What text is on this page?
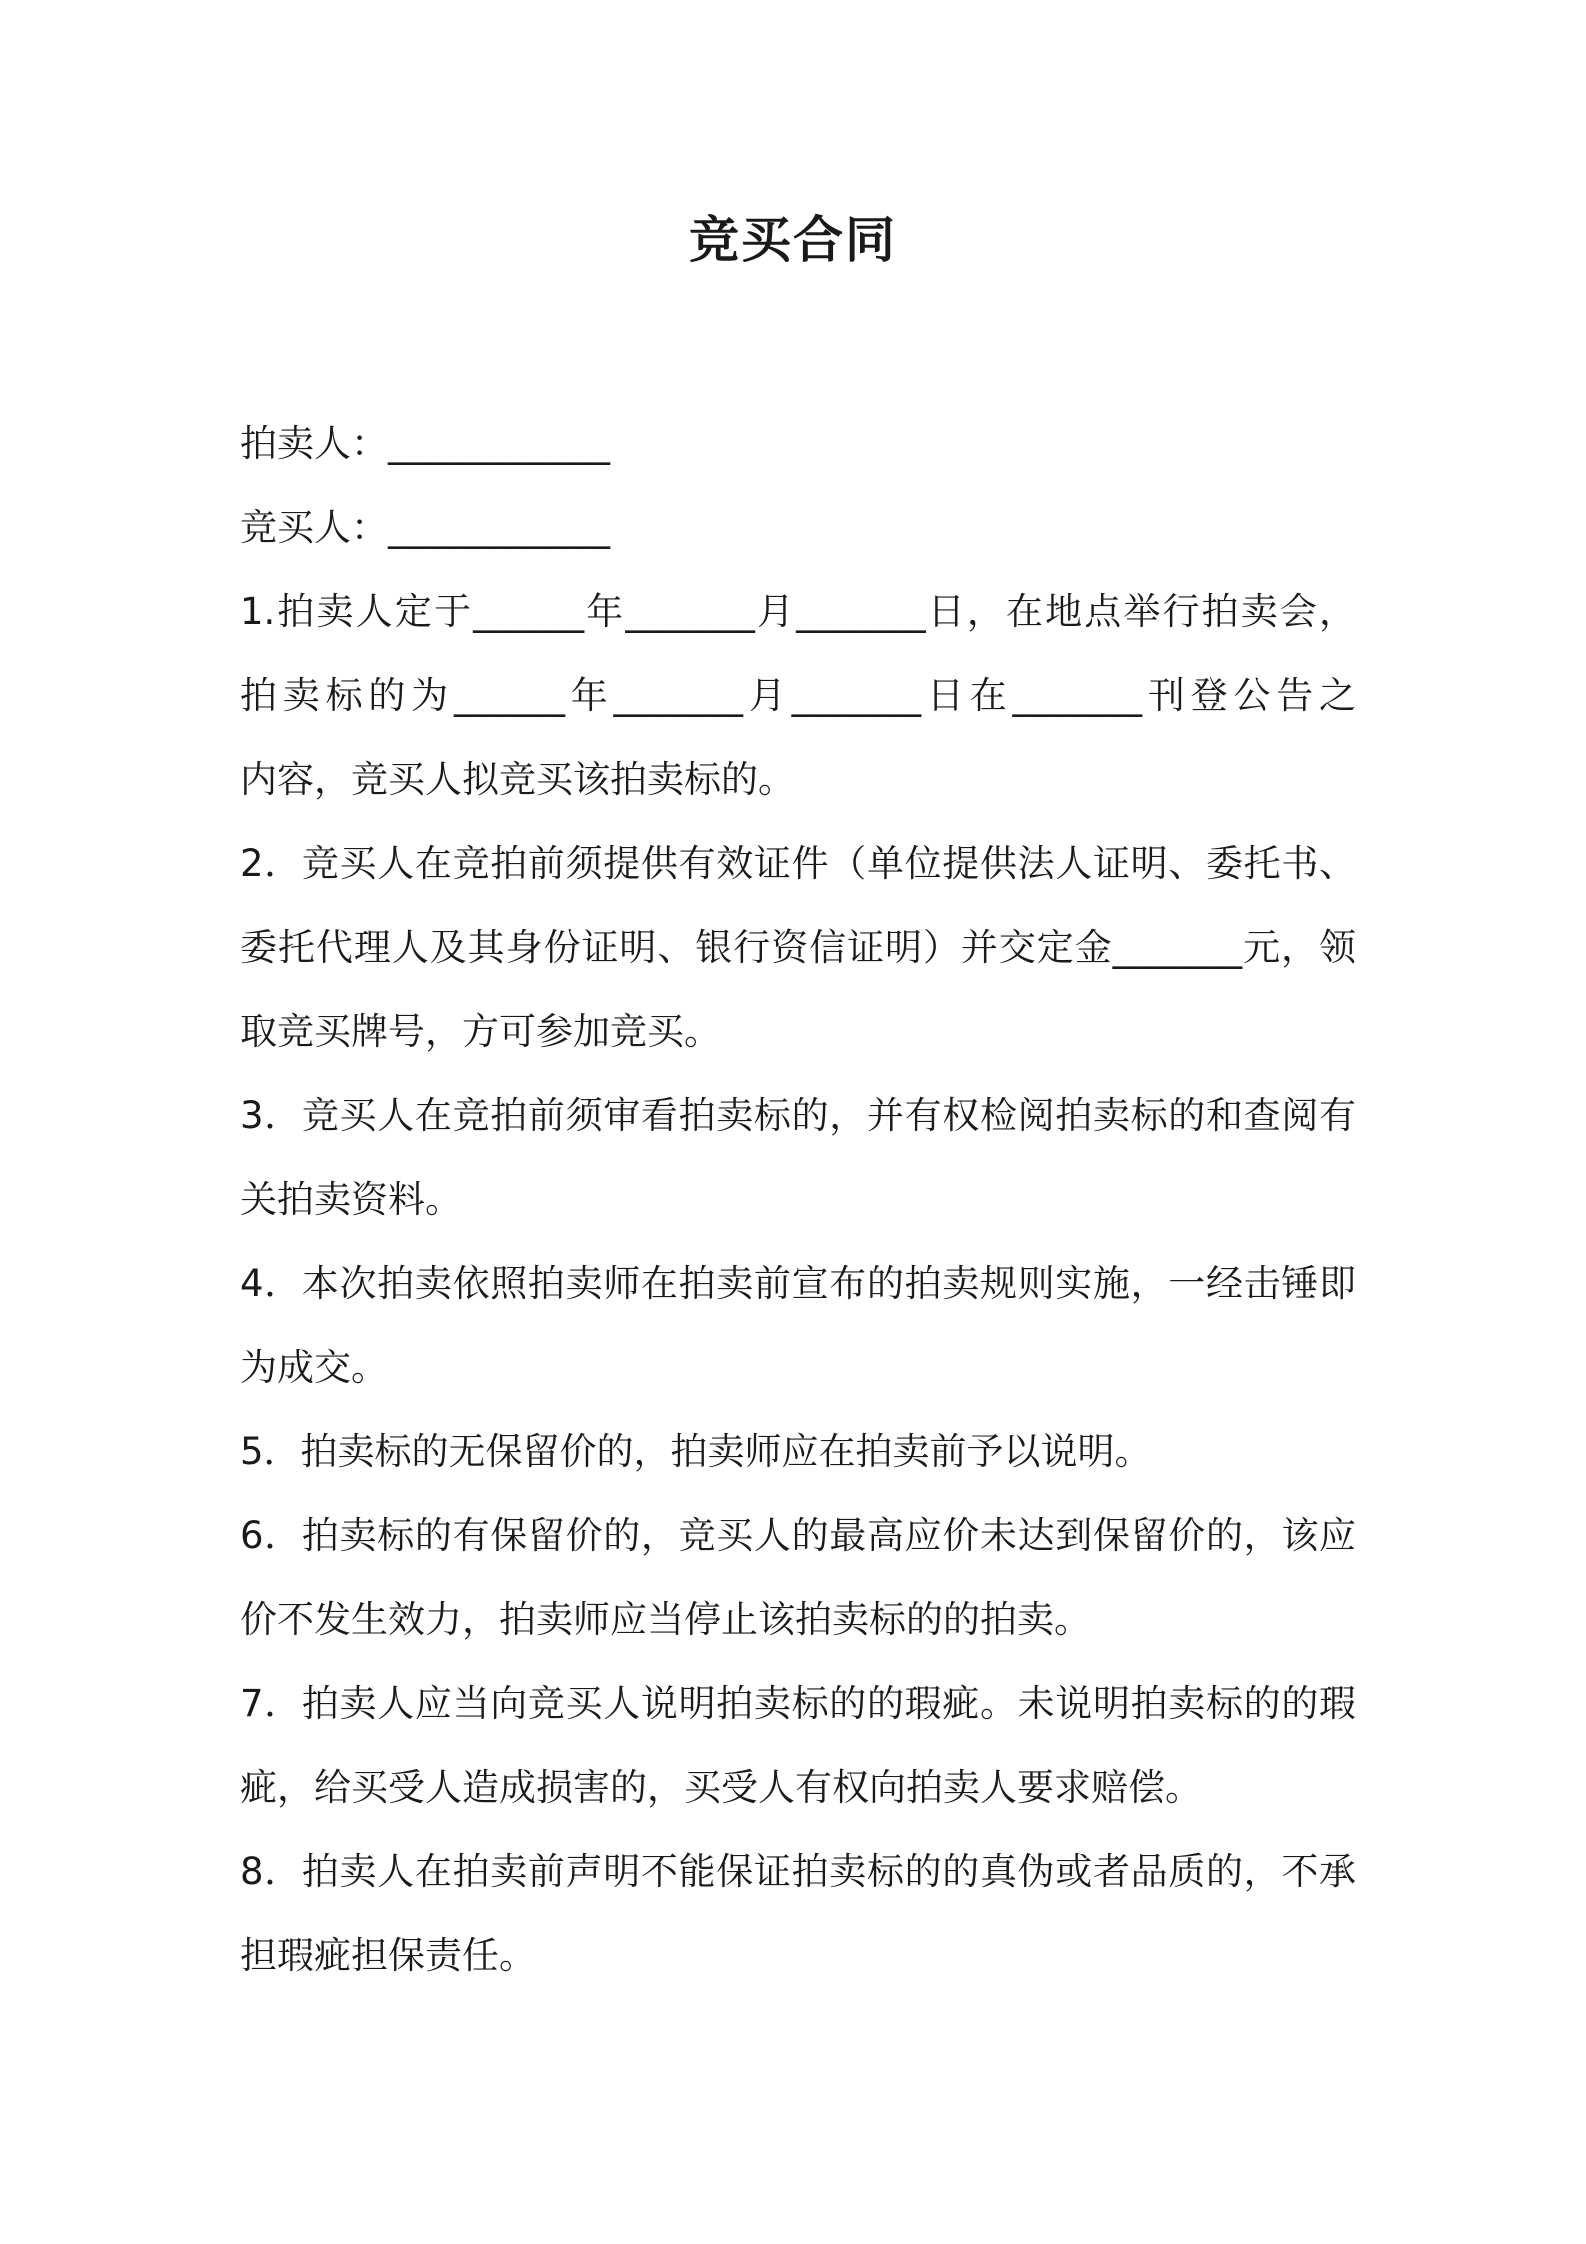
竞买合同
拍卖人：____________
竞买人：____________
1.拍卖人定于______年_______月_______日，在地点举行拍卖会，
拍卖标的为______年_______月_______日在_______刊登公告之
内容，竞买人拟竞买该拍卖标的。
2．竞买人在竞拍前须提供有效证件（单位提供法人证明、委托书、
委托代理人及其身份证明、银行资信证明）并交定金_______元，领
取竞买牌号，方可参加竞买。
3．竞买人在竞拍前须审看拍卖标的，并有权检阅拍卖标的和查阅有
关拍卖资料。
4．本次拍卖依照拍卖师在拍卖前宣布的拍卖规则实施，一经击锤即
为成交。
5．拍卖标的无保留价的，拍卖师应在拍卖前予以说明。
6．拍卖标的有保留价的，竞买人的最高应价未达到保留价的，该应
价不发生效力，拍卖师应当停止该拍卖标的的拍卖。
7．拍卖人应当向竞买人说明拍卖标的的瑕疵。未说明拍卖标的的瑕
疵，给买受人造成损害的，买受人有权向拍卖人要求赔偿。
8．拍卖人在拍卖前声明不能保证拍卖标的的真伪或者品质的，不承
担瑕疵担保责任。
